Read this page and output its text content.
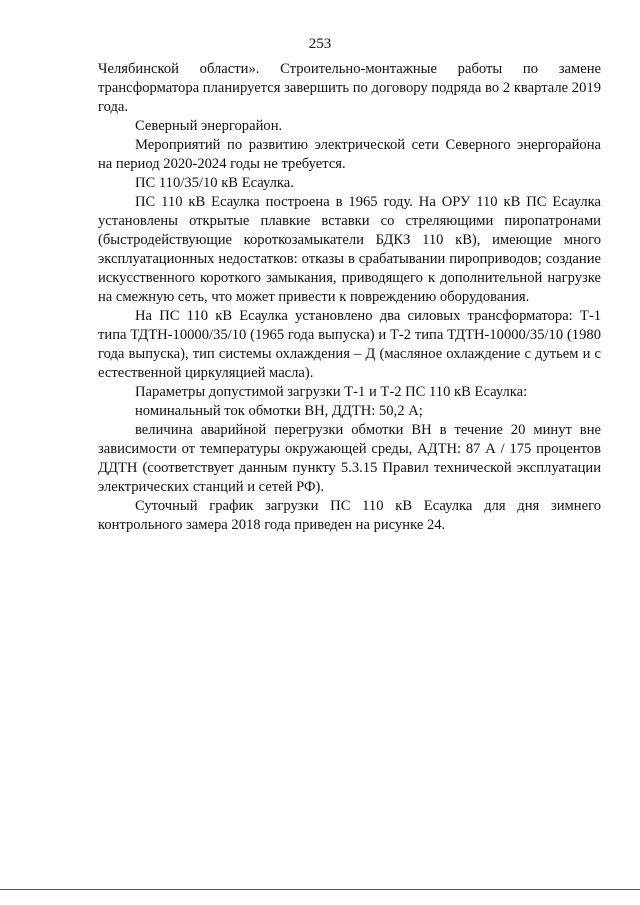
253

Челябинской области». Строительно-монтажные работы по замене трансформатора планируется завершить по договору подряда во 2 квартале 2019 года.

Северный энергорайон.

Мероприятий по развитию электрической сети Северного энергорайона на период 2020-2024 годы не требуется.

ПС 110/35/10 кВ Есаулка.

ПС 110 кВ Есаулка построена в 1965 году. На ОРУ 110 кВ ПС Есаулка установлены открытые плавкие вставки со стреляющими пиропатронами (быстродействующие короткозамыкатели БДКЗ 110 кВ), имеющие много эксплуатационных недостатков: отказы в срабатывании пироприводов; создание искусственного короткого замыкания, приводящего к дополнительной нагрузке на смежную сеть, что может привести к повреждению оборудования.

На ПС 110 кВ Есаулка установлено два силовых трансформатора: Т-1 типа ТДТН-10000/35/10 (1965 года выпуска) и Т-2 типа ТДТН-10000/35/10 (1980 года выпуска), тип системы охлаждения – Д (масляное охлаждение с дутьем и с естественной циркуляцией масла).

Параметры допустимой загрузки Т-1 и Т-2 ПС 110 кВ Есаулка:

номинальный ток обмотки ВН, ДДТН: 50,2 А;

величина аварийной перегрузки обмотки ВН в течение 20 минут вне зависимости от температуры окружающей среды, АДТН: 87 А / 175 процентов ДДТН (соответствует данным пункту 5.3.15 Правил технической эксплуатации электрических станций и сетей РФ).

Суточный график загрузки ПС 110 кВ Есаулка для дня зимнего контрольного замера 2018 года приведен на рисунке 24.
